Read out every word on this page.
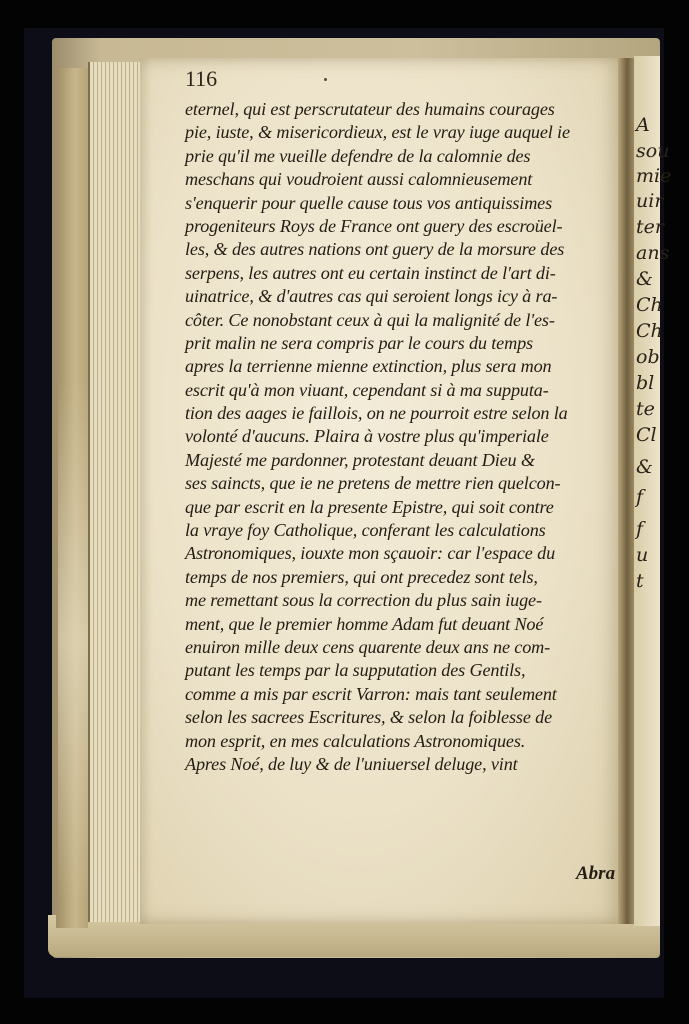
A
sou
mie
uir
ter
ans
&
Ch
Ch
ob
bl
te
Cl
&
f
f
u
t
116
eternel, qui est perscrutateur des humains courages
pie, iuste, & misericordieux, est le vray iuge auquel ie
prie qu'il me vueille defendre de la calomnie des
meschans qui voudroient aussi calomnieusement
s'enquerir pour quelle cause tous vos antiquissimes
progeniteurs Roys de France ont guery des escroüel-
les, & des autres nations ont guery de la morsure des
serpens, les autres ont eu certain instinct de l'art di-
uinatrice, & d'autres cas qui seroient longs icy à ra-
côter. Ce nonobstant ceux à qui la malignité de l'es-
prit malin ne sera compris par le cours du temps
apres la terrienne mienne extinction, plus sera mon
escrit qu'à mon viuant, cependant si à ma supputa-
tion des aages ie faillois, on ne pourroit estre selon la
volonté d'aucuns. Plaira à vostre plus qu'imperiale
Majesté me pardonner, protestant deuant Dieu &
ses saincts, que ie ne pretens de mettre rien quelcon-
que par escrit en la presente Epistre, qui soit contre
la vraye foy Catholique, conferant les calculations
Astronomiques, iouxte mon sçauoir: car l'espace du
temps de nos premiers, qui ont precedez sont tels,
me remettant sous la correction du plus sain iuge-
ment, que le premier homme Adam fut deuant Noé
enuiron mille deux cens quarente deux ans ne com-
putant les temps par la supputation des Gentils,
comme a mis par escrit Varron: mais tant seulement
selon les sacrees Escritures, & selon la foiblesse de
mon esprit, en mes calculations Astronomiques.
Apres Noé, de luy & de l'uniuersel deluge, vint
Abra
